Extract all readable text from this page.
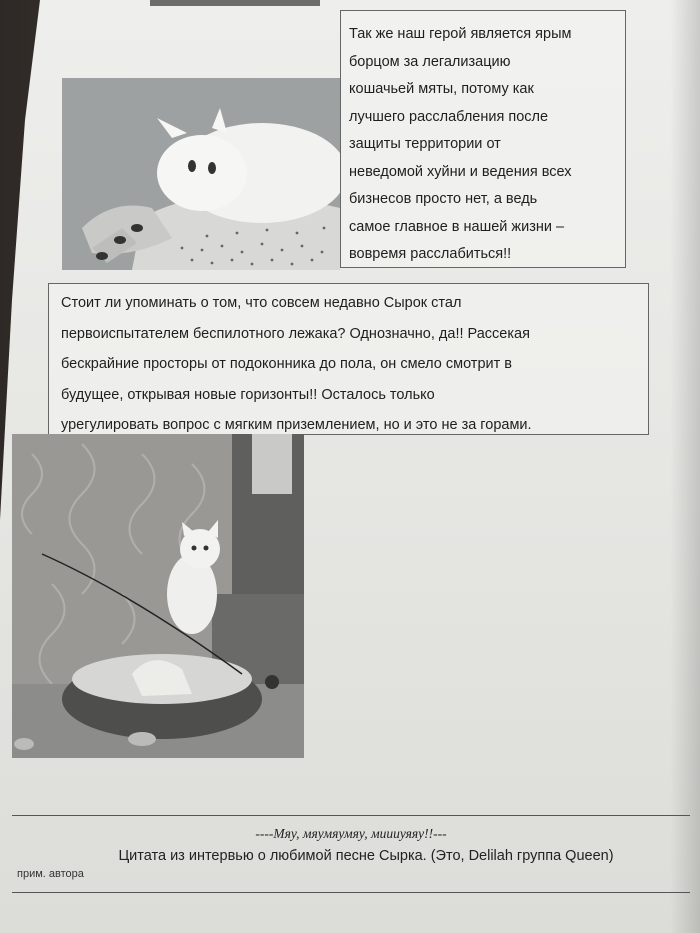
Так же наш герой является ярым
борцом за легализацию
кошачьей мяты, потому как
лучшего расслабления после
защиты территории от
неведомой хуйни и ведения всех
бизнесов просто нет, а ведь
самое главное в нашей жизни –
вовремя расслабиться!!
Стоит ли упоминать о том, что совсем недавно Сырок стал
первоиспытателем беспилотного лежака? Однозначно, да!! Рассекая
бескрайние просторы от подоконника до пола, он смело смотрит в
будущее, открывая новые горизонты!! Осталось только
урегулировать вопрос с мягким приземлением, но и это не за горами.
----Мяу, мяумяумяу, миииуяяу!!---
Цитата из интервью о любимой песне Сырка. (Это, Delilah группа Queen)
прим. автора
